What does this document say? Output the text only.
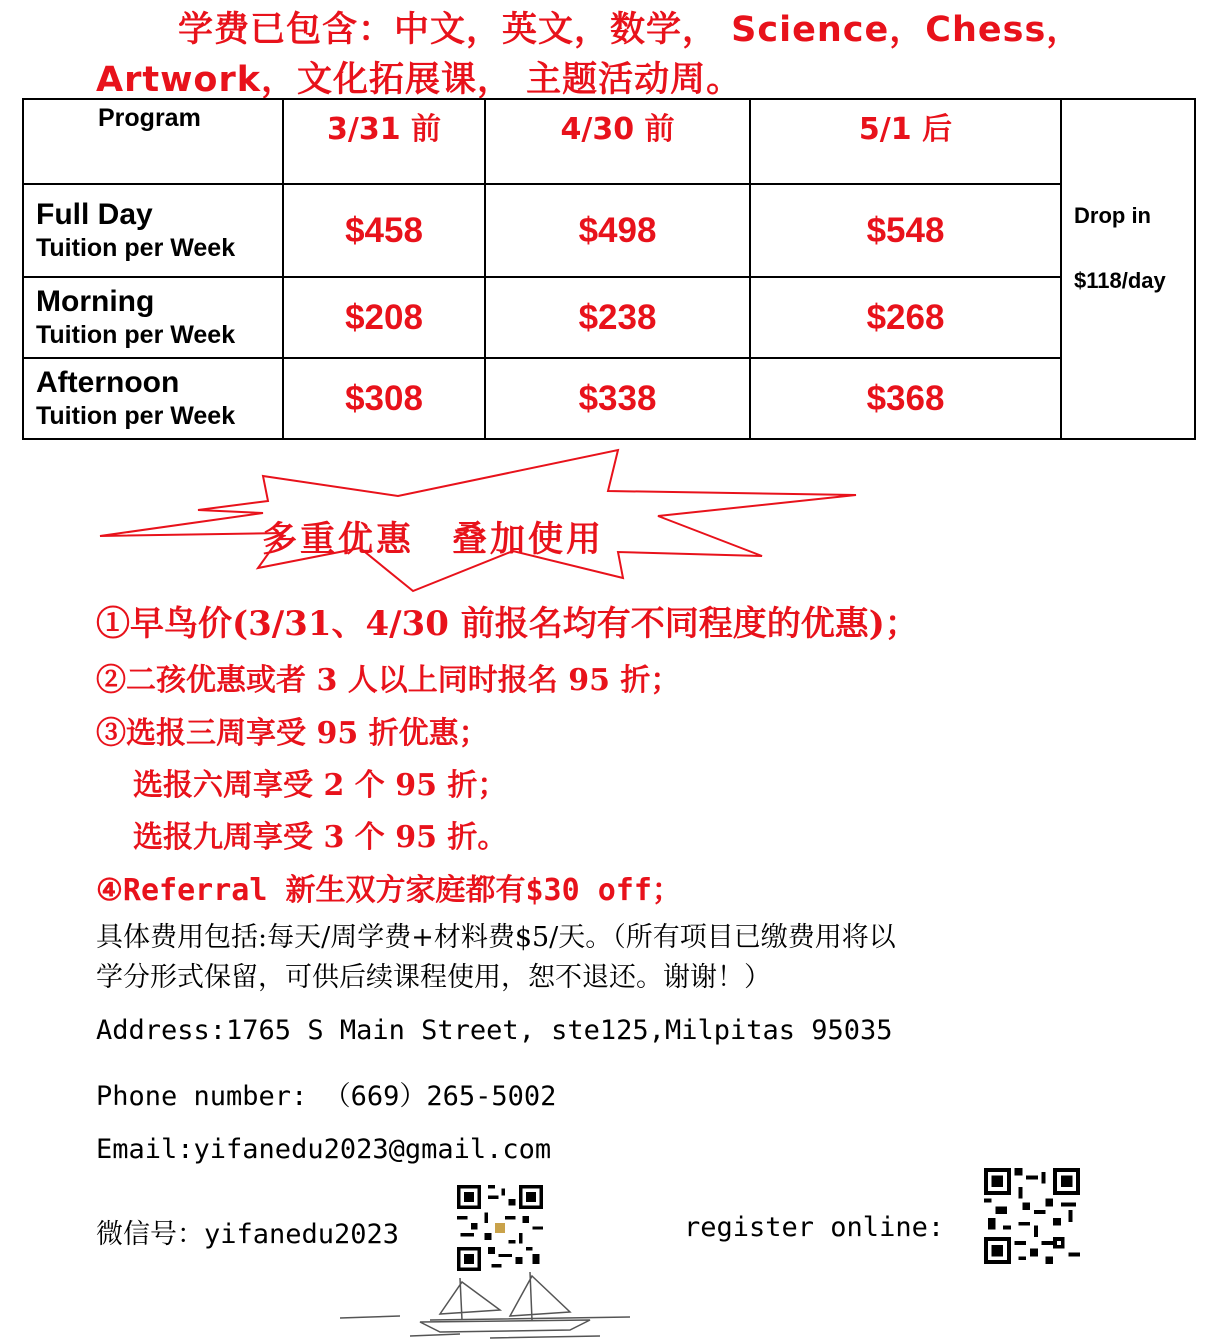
学费已包含：中文，英文，数学， Science，Chess，
Artwork，文化拓展课， 主题活动周。
Program	3/31 前	4/30 前	5/1 后	Drop in
$118/day

Full Day
Tuition per Week	$458	$498	$548	

Morning
Tuition per Week	$208	$238	$268	

Afternoon
Tuition per Week	$308	$338	$368	
多重优惠　叠加使用
①早鸟价(3/31、4/30 前报名均有不同程度的优惠)；
②二孩优惠或者 3 人以上同时报名 95 折；
③选报三周享受 95 折优惠；
选报六周享受 2 个 95 折；
选报九周享受 3 个 95 折。
④Referral 新生双方家庭都有$30 off；
具体费用包括:每天/周学费+材料费$5/天。（所有项目已缴费用将以
学分形式保留，可供后续课程使用，恕不退还。谢谢！）
Address:1765 S Main Street, ste125,Milpitas 95035
Phone number: （669）265-5002
Email:yifanedu2023@gmail.com
微信号：yifanedu2023	register online:
